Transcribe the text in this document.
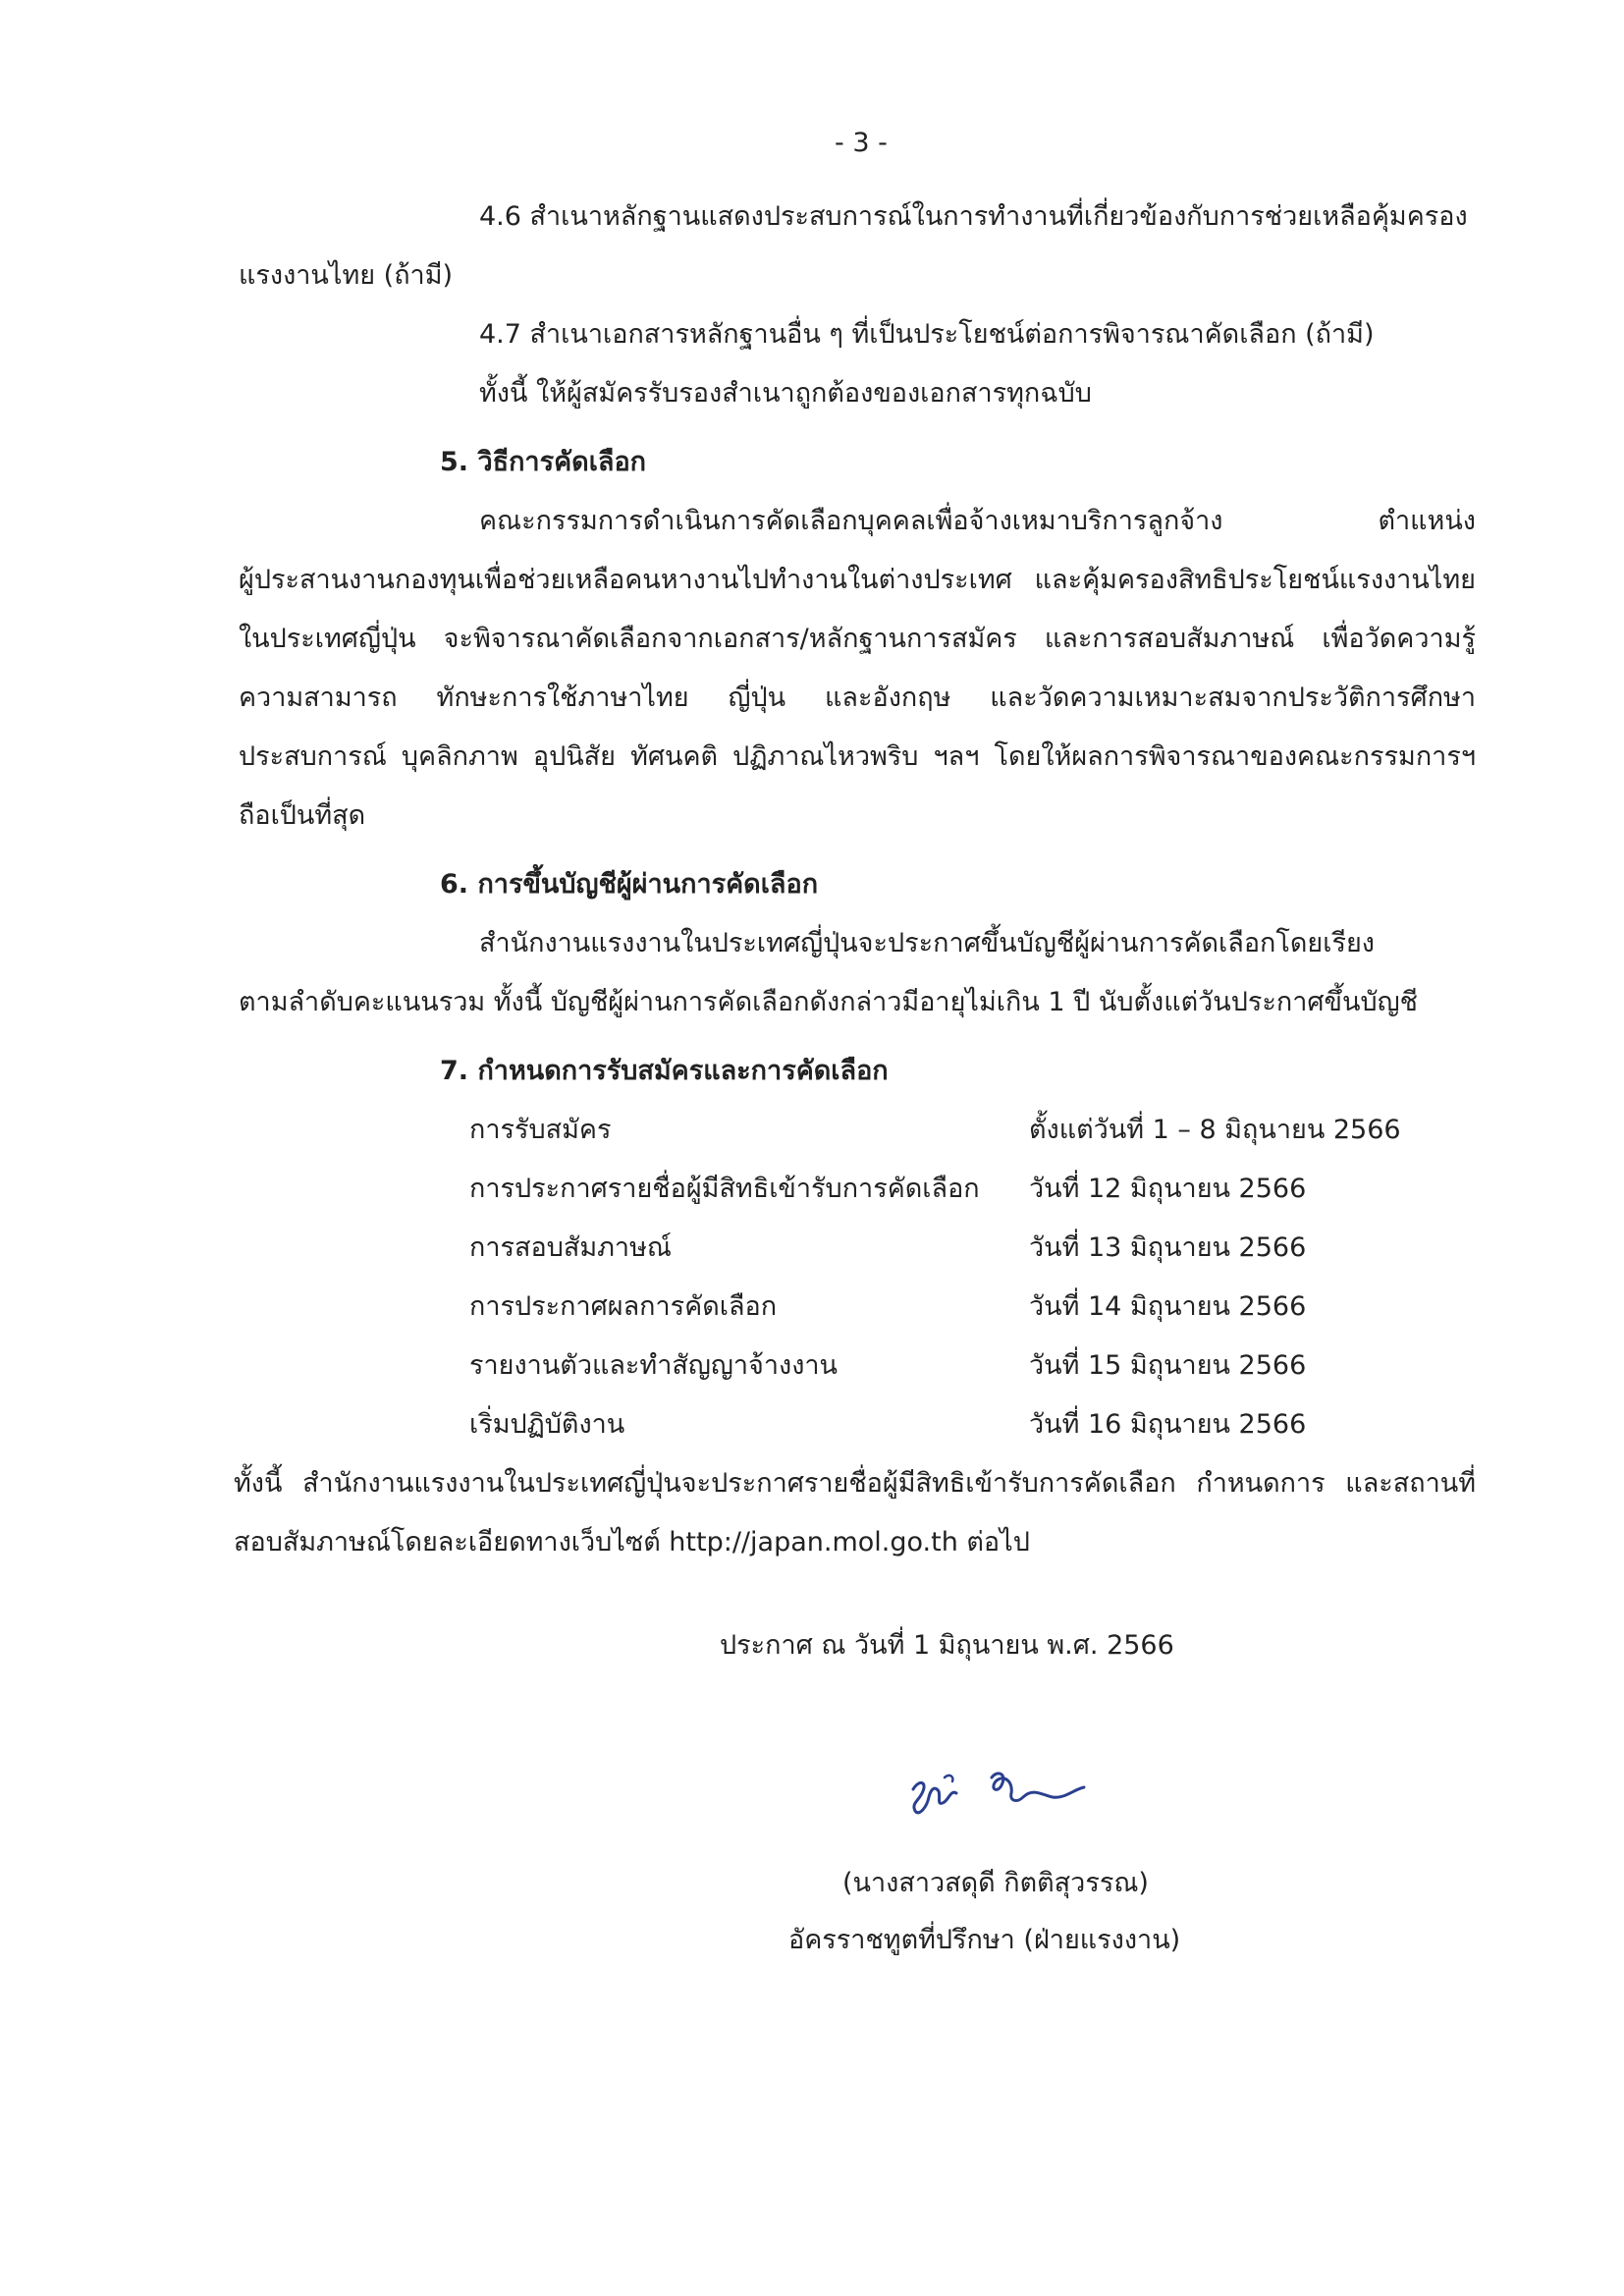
- 3 -
4.6 สำเนาหลักฐานแสดงประสบการณ์ในการทำงานที่เกี่ยวข้องกับการช่วยเหลือคุ้มครอง
แรงงานไทย (ถ้ามี)
4.7 สำเนาเอกสารหลักฐานอื่น ๆ ที่เป็นประโยชน์ต่อการพิจารณาคัดเลือก (ถ้ามี)
ทั้งนี้ ให้ผู้สมัครรับรองสำเนาถูกต้องของเอกสารทุกฉบับ
5. วิธีการคัดเลือก
คณะกรรมการดำเนินการคัดเลือกบุคคลเพื่อจ้างเหมาบริการลูกจ้าง ตำแหน่ง
ผู้ประสานงานกองทุนเพื่อช่วยเหลือคนหางานไปทำงานในต่างประเทศ และคุ้มครองสิทธิประโยชน์แรงงานไทย
ในประเทศญี่ปุ่น จะพิจารณาคัดเลือกจากเอกสาร/หลักฐานการสมัคร และการสอบสัมภาษณ์ เพื่อวัดความรู้
ความสามารถ ทักษะการใช้ภาษาไทย ญี่ปุ่น และอังกฤษ และวัดความเหมาะสมจากประวัติการศึกษา
ประสบการณ์ บุคลิกภาพ อุปนิสัย ทัศนคติ ปฏิภาณไหวพริบ ฯลฯ โดยให้ผลการพิจารณาของคณะกรรมการฯ
ถือเป็นที่สุด
6. การขึ้นบัญชีผู้ผ่านการคัดเลือก
สำนักงานแรงงานในประเทศญี่ปุ่นจะประกาศขึ้นบัญชีผู้ผ่านการคัดเลือกโดยเรียง
ตามลำดับคะแนนรวม ทั้งนี้ บัญชีผู้ผ่านการคัดเลือกดังกล่าวมีอายุไม่เกิน 1 ปี นับตั้งแต่วันประกาศขึ้นบัญชี
7. กำหนดการรับสมัครและการคัดเลือก
การรับสมัคร	ตั้งแต่วันที่ 1 – 8 มิถุนายน 2566
การประกาศรายชื่อผู้มีสิทธิเข้ารับการคัดเลือก วันที่ 12 มิถุนายน 2566
การสอบสัมภาษณ์	วันที่ 13 มิถุนายน 2566
การประกาศผลการคัดเลือก	วันที่ 14 มิถุนายน 2566
รายงานตัวและทำสัญญาจ้างงาน	วันที่ 15 มิถุนายน 2566
เริ่มปฏิบัติงาน	วันที่ 16 มิถุนายน 2566
ทั้งนี้ สำนักงานแรงงานในประเทศญี่ปุ่นจะประกาศรายชื่อผู้มีสิทธิเข้ารับการคัดเลือก กำหนดการ และสถานที่
สอบสัมภาษณ์โดยละเอียดทางเว็บไซต์ http://japan.mol.go.th ต่อไป
ประกาศ ณ วันที่ 1 มิถุนายน พ.ศ. 2566
(นางสาวสดุดี กิตติสุวรรณ)
อัครราชทูตที่ปรึกษา (ฝ่ายแรงงาน)
